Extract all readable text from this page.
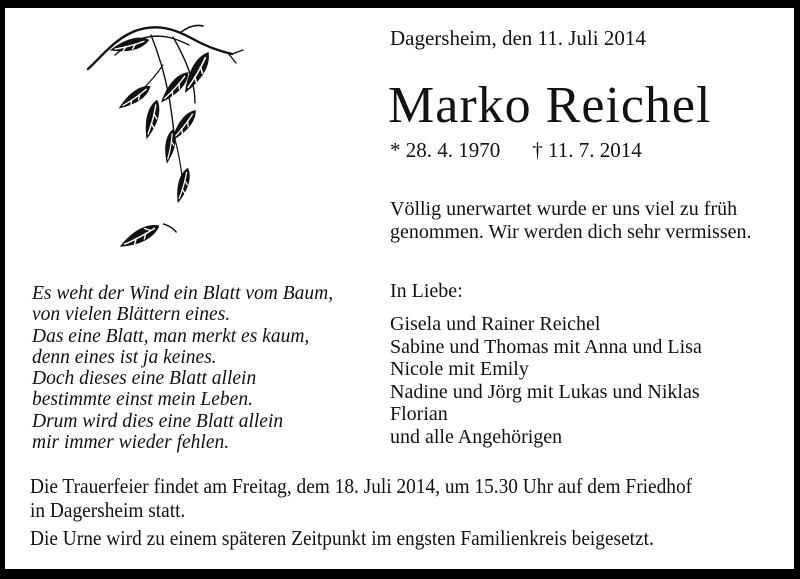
Dagersheim, den 11. Juli 2014
Marko Reichel
* 28. 4. 1970 † 11. 7. 2014
Völlig unerwartet wurde er uns viel zu früh
genommen. Wir werden dich sehr vermissen.
In Liebe:
Gisela und Rainer Reichel
Sabine und Thomas mit Anna und Lisa
Nicole mit Emily
Nadine und Jörg mit Lukas und Niklas
Florian
und alle Angehörigen
Es weht der Wind ein Blatt vom Baum,
von vielen Blättern eines.
Das eine Blatt, man merkt es kaum,
denn eines ist ja keines.
Doch dieses eine Blatt allein
bestimmte einst mein Leben.
Drum wird dies eine Blatt allein
mir immer wieder fehlen.
Die Trauerfeier findet am Freitag, dem 18. Juli 2014, um 15.30 Uhr auf dem Friedhof
in Dagersheim statt.
Die Urne wird zu einem späteren Zeitpunkt im engsten Familienkreis beigesetzt.
